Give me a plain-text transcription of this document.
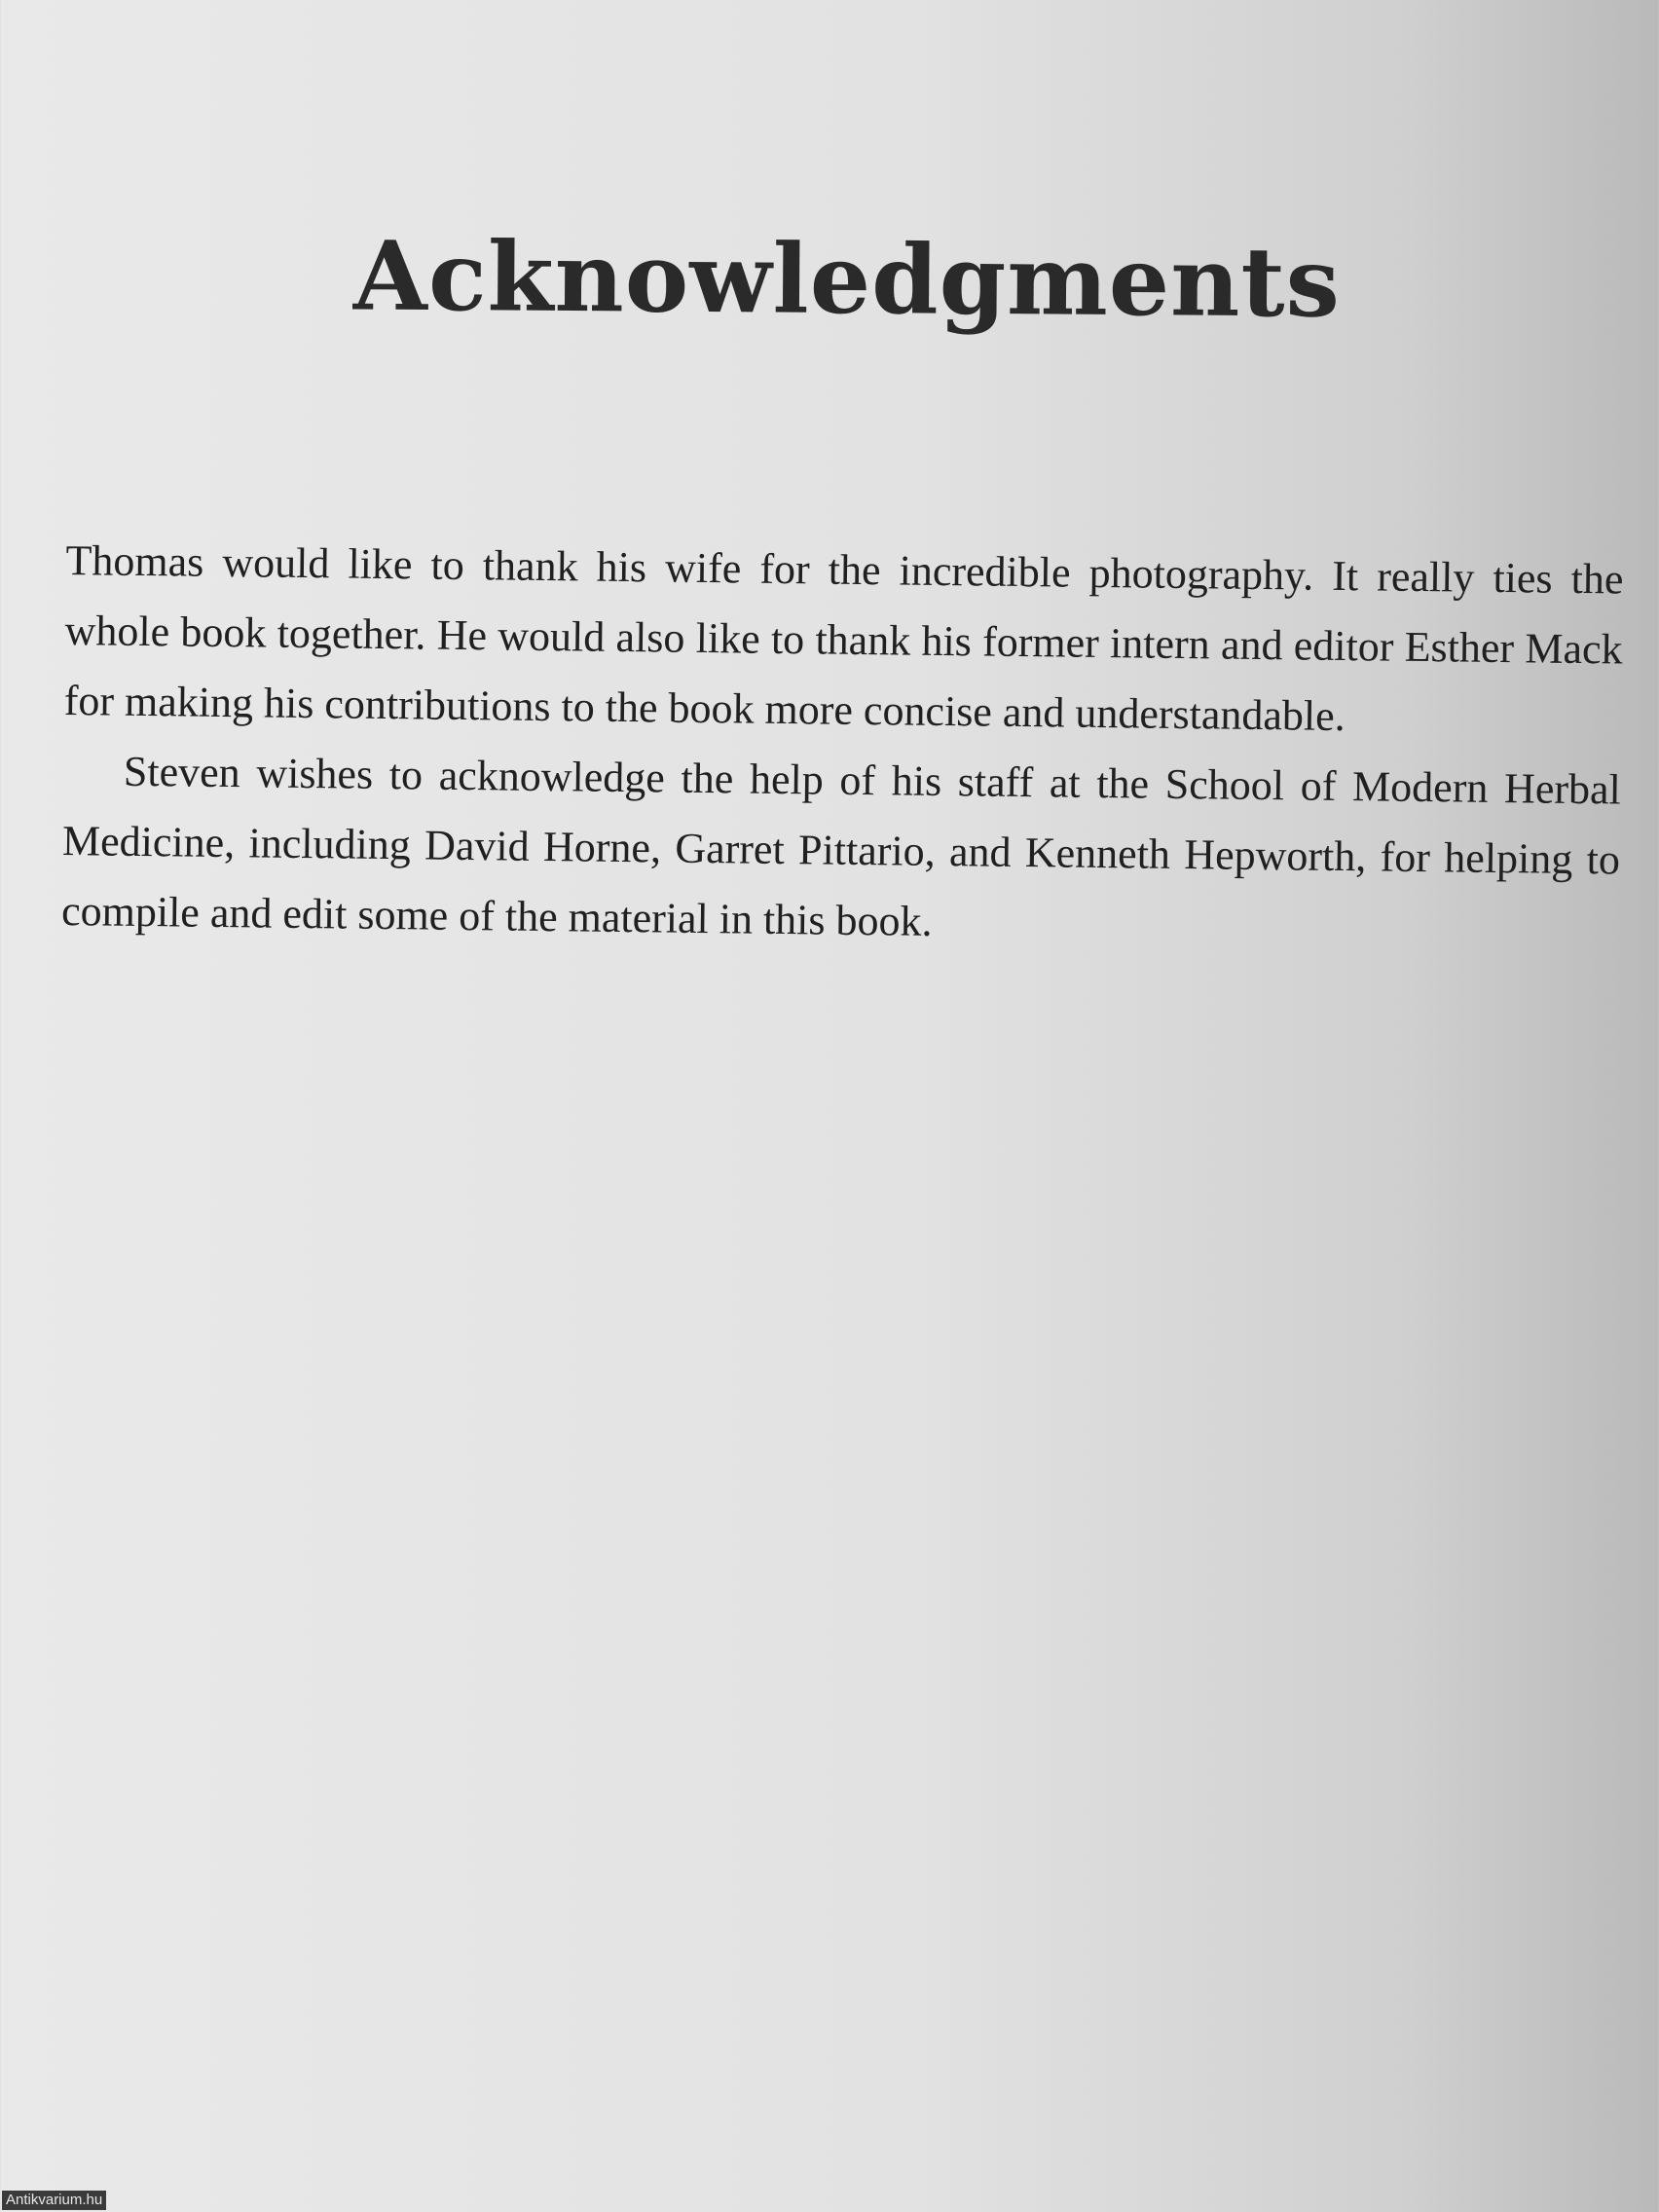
Acknowledgments

Thomas would like to thank his wife for the incredible photography. It really ties the whole book together. He would also like to thank his former intern and editor Esther Mack for making his contributions to the book more concise and understandable.

Steven wishes to acknowledge the help of his staff at the School of Modern Herbal Medicine, including David Horne, Garret Pittario, and Kenneth Hepworth, for helping to compile and edit some of the material in this book.

Antikvarium.hu
